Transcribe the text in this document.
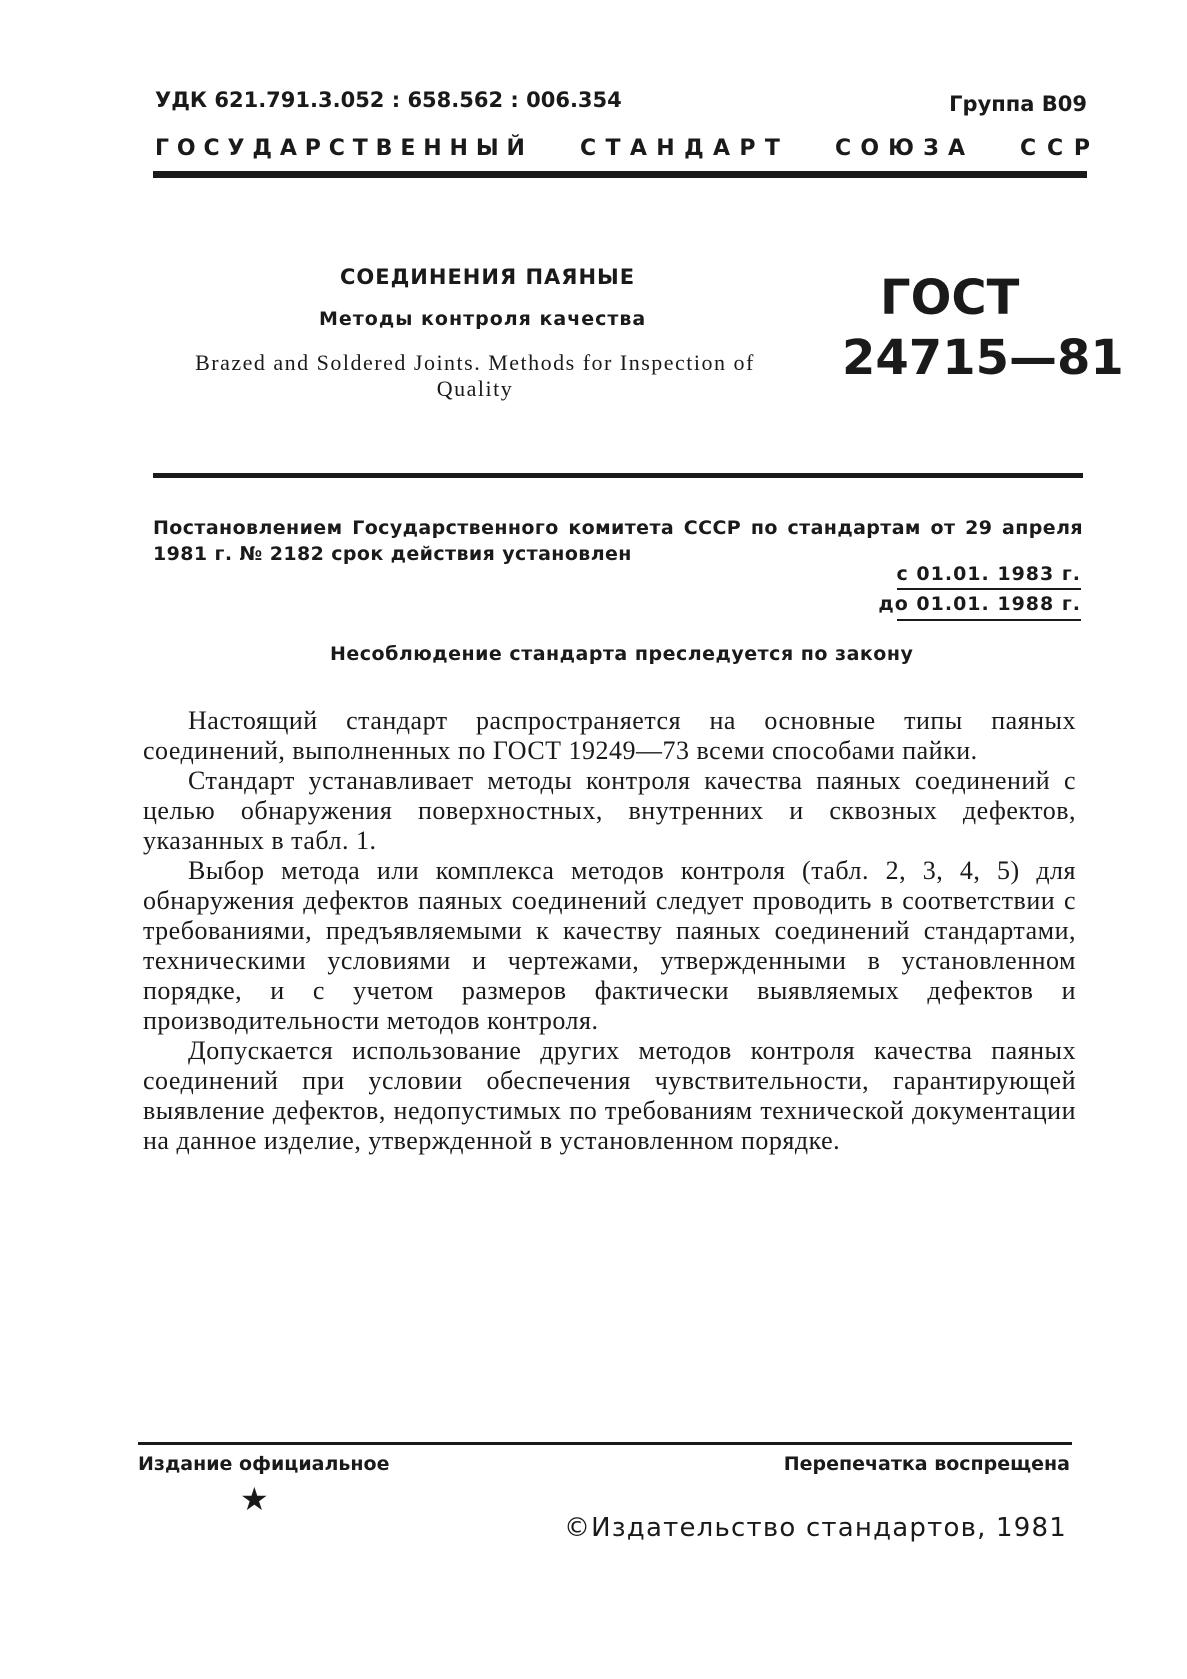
УДК 621.791.3.052 : 658.562 : 006.354	Группа В09
Г О С У Д А Р С Т В Е Н Н Ы Й	С Т А Н Д А Р Т	С О Ю З А	С С Р
СОЕДИНЕНИЯ ПАЯНЫЕ
Методы контроля качества
Brazed and Soldered Joints. Methods for Inspection of Quality
ГОСТ
24715—81
Постановлением Государственного комитета СССР по стандартам от 29 апреля 1981 г. № 2182 срок действия установлен
с 01.01. 1983 г.
до 01.01. 1988 г.
Несоблюдение стандарта преследуется по закону

Настоящий стандарт распространяется на основные типы паяных соединений, выполненных по ГОСТ 19249—73 всеми способами пайки.

Стандарт устанавливает методы контроля качества паяных соединений с целью обнаружения поверхностных, внутренних и сквозных дефектов, указанных в табл. 1.

Выбор метода или комплекса методов контроля (табл. 2, 3, 4, 5) для обнаружения дефектов паяных соединений следует проводить в соответствии с требованиями, предъявляемыми к качеству паяных соединений стандартами, техническими условиями и чертежами, утвержденными в установленном порядке, и с учетом размеров фактически выявляемых дефектов и производительности методов контроля.

Допускается использование других методов контроля качества паяных соединений при условии обеспечения чувствительности, гарантирующей выявление дефектов, недопустимых по требованиям технической документации на данное изделие, утвержденной в установленном порядке.

Издание официальное	Перепечатка воспрещена
★
©Издательство стандартов, 1981
